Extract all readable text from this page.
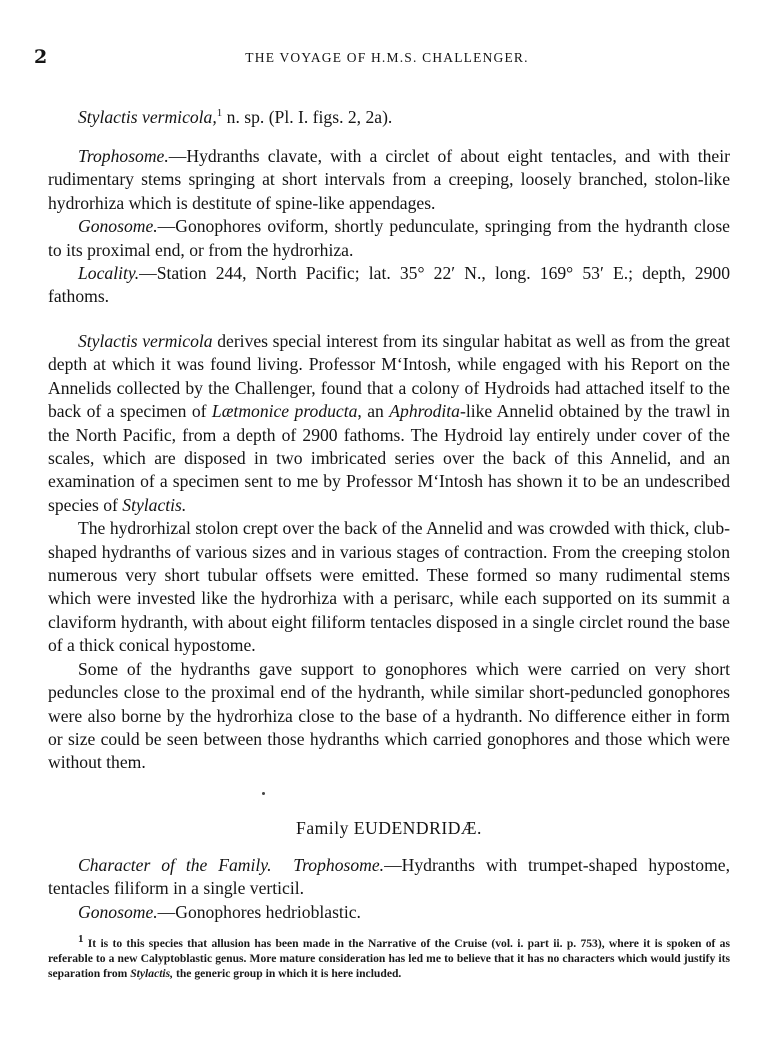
2	THE VOYAGE OF H.M.S. CHALLENGER.

Stylactis vermicola,$^1$ n. sp. (Pl. I. figs. 2, 2a).

Trophosome.—Hydranths clavate, with a circlet of about eight tentacles, and with their rudimentary stems springing at short intervals from a creeping, loosely branched, stolon-like hydrorhiza which is destitute of spine-like appendages.

Gonosome.—Gonophores oviform, shortly pedunculate, springing from the hydranth close to its proximal end, or from the hydrorhiza.

Locality.—Station 244, North Pacific; lat. 35° 22′ N., long. 169° 53′ E.; depth, 2900 fathoms.

Stylactis vermicola derives special interest from its singular habitat as well as from the great depth at which it was found living. Professor M‘Intosh, while engaged with his Report on the Annelids collected by the Challenger, found that a colony of Hydroids had attached itself to the back of a specimen of Lætmonice producta, an Aphrodita-like Annelid obtained by the trawl in the North Pacific, from a depth of 2900 fathoms. The Hydroid lay entirely under cover of the scales, which are disposed in two imbricated series over the back of this Annelid, and an examination of a specimen sent to me by Professor M‘Intosh has shown it to be an undescribed species of Stylactis.

The hydrorhizal stolon crept over the back of the Annelid and was crowded with thick, club-shaped hydranths of various sizes and in various stages of contraction. From the creeping stolon numerous very short tubular offsets were emitted. These formed so many rudimental stems which were invested like the hydrorhiza with a perisarc, while each supported on its summit a claviform hydranth, with about eight filiform tentacles disposed in a single circlet round the base of a thick conical hypostome.

Some of the hydranths gave support to gonophores which were carried on very short peduncles close to the proximal end of the hydranth, while similar short-peduncled gonophores were also borne by the hydrorhiza close to the base of a hydranth. No difference either in form or size could be seen between those hydranths which carried gonophores and those which were without them.

Family EUDENDRIDÆ.

Character of the Family. Trophosome.—Hydranths with trumpet-shaped hypostome, tentacles filiform in a single verticil.

Gonosome.—Gonophores hedrioblastic.

$^1$ It is to this species that allusion has been made in the Narrative of the Cruise (vol. i. part ii. p. 753), where it is spoken of as referable to a new Calyptoblastic genus. More mature consideration has led me to believe that it has no characters which would justify its separation from Stylactis, the generic group in which it is here included.
